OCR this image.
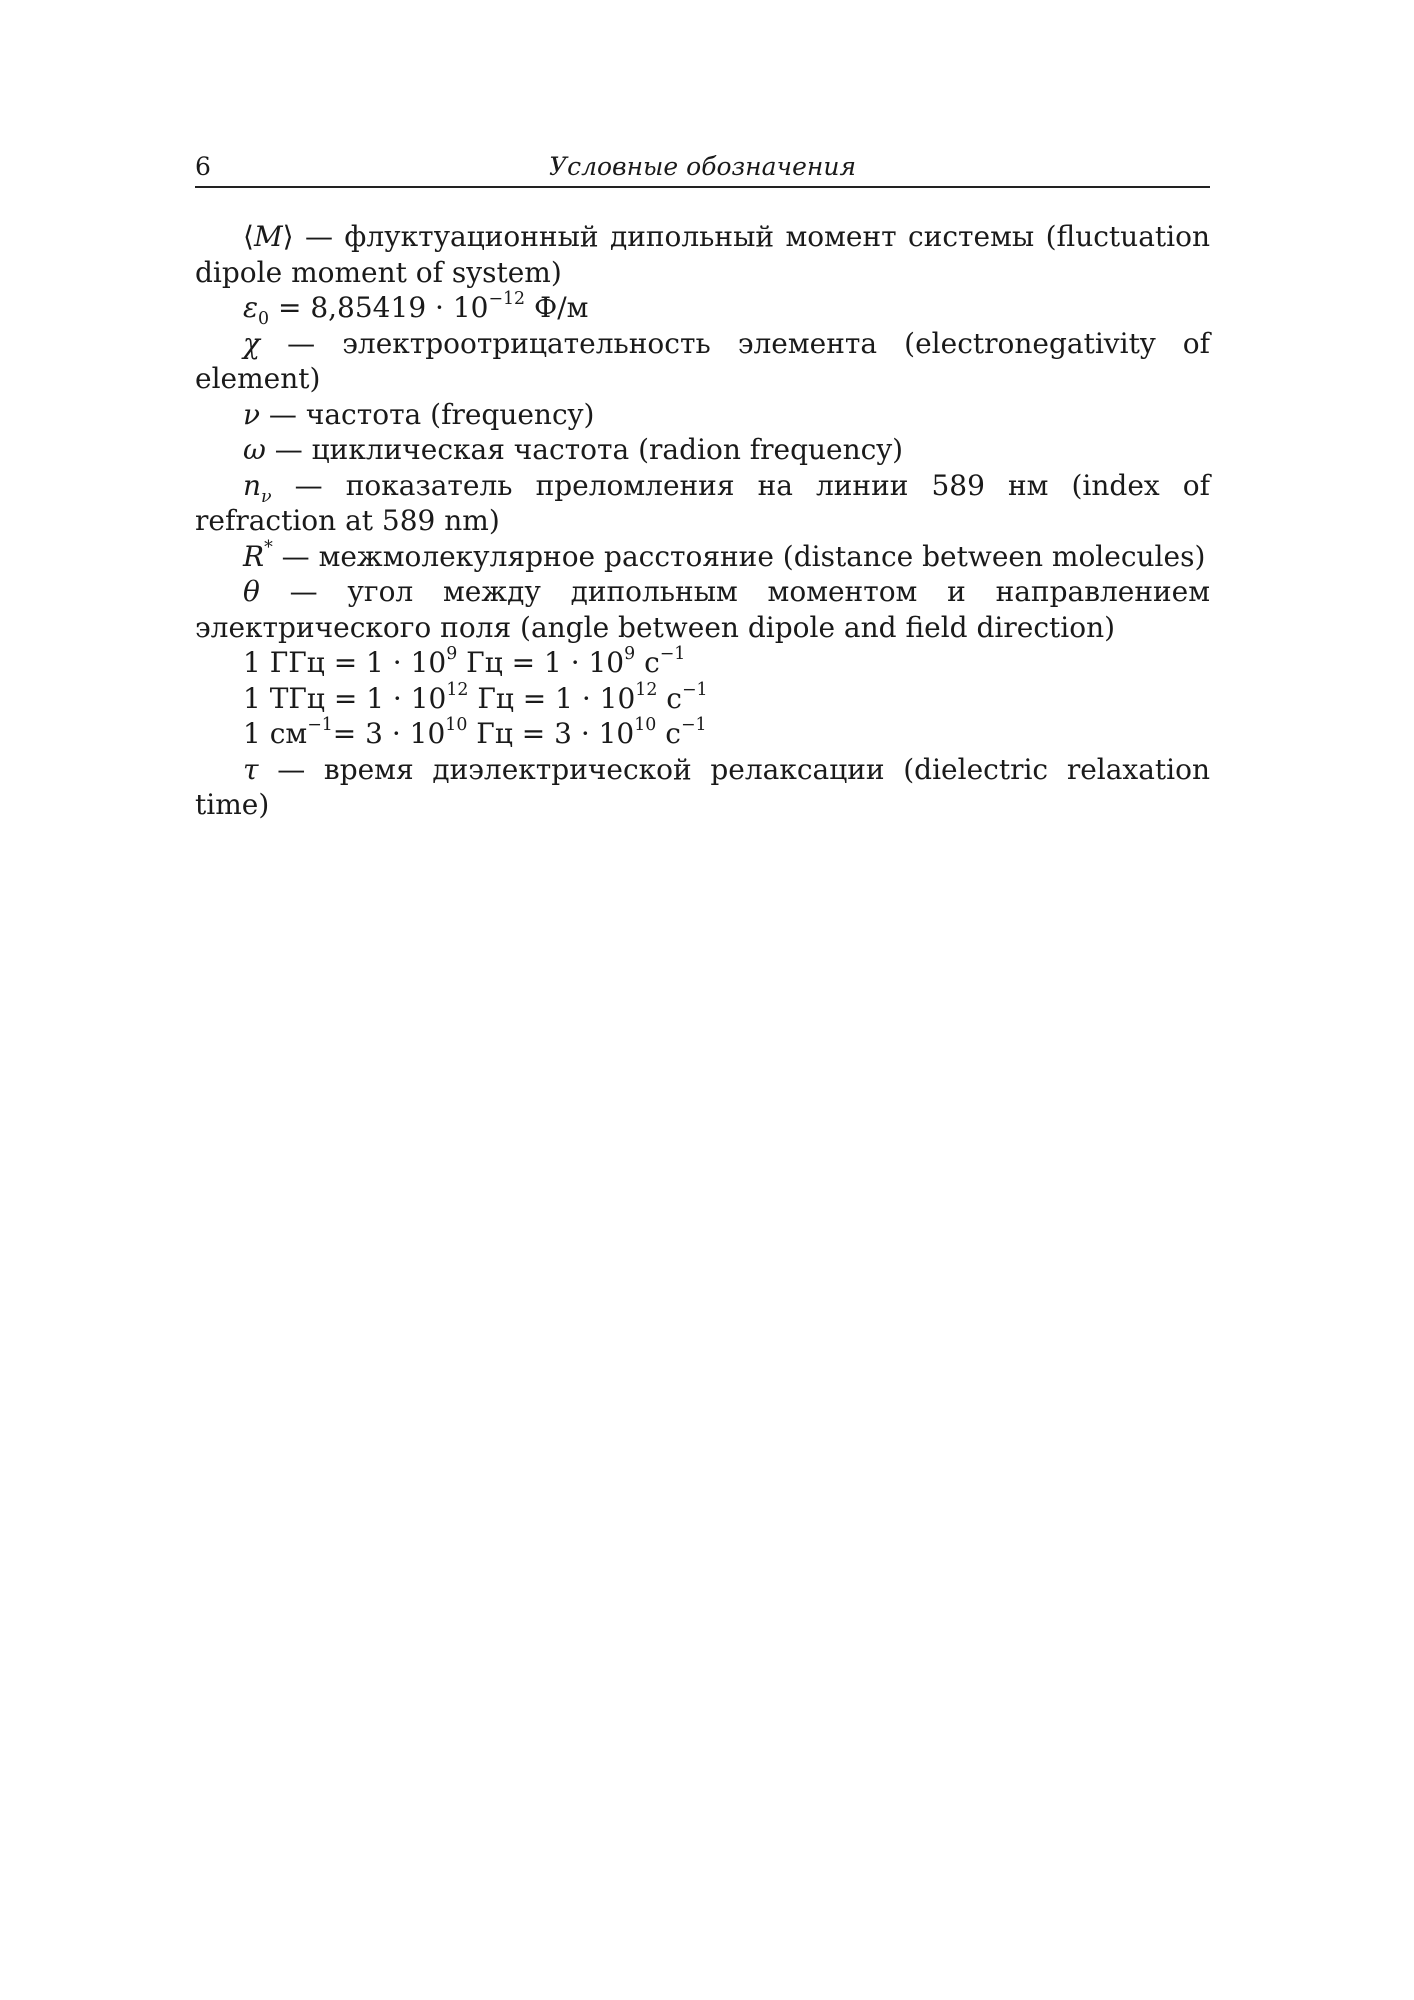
6	Условные обозначения

⟨M⟩ — флуктуационный дипольный момент системы (fluctuation dipole moment of system)

$\varepsilon_0 = 8,85419 \cdot 10^{-12}$ Ф/м

χ — электроотрицательность элемента (electronegativity of element)

ν — частота (frequency)

ω — циклическая частота (radion frequency)

$n_\nu$ — показатель преломления на линии 589 нм (index of refraction at 589 nm)

R* — межмолекулярное расстояние (distance between molecules)

θ — угол между дипольным моментом и направлением электрического поля (angle between dipole and field direction)

1 ГГц = $1 \cdot 10^9$ Гц = $1 \cdot 10^9$ $с^{-1}$

1 ТГц = $1 \cdot 10^{12}$ Гц = $1 \cdot 10^{12}$ $с^{-1}$

1 $см^{-1}= 3 \cdot 10^{10}$ Гц = $3 \cdot 10^{10}$ $с^{-1}$

τ — время диэлектрической релаксации (dielectric relaxation time)
